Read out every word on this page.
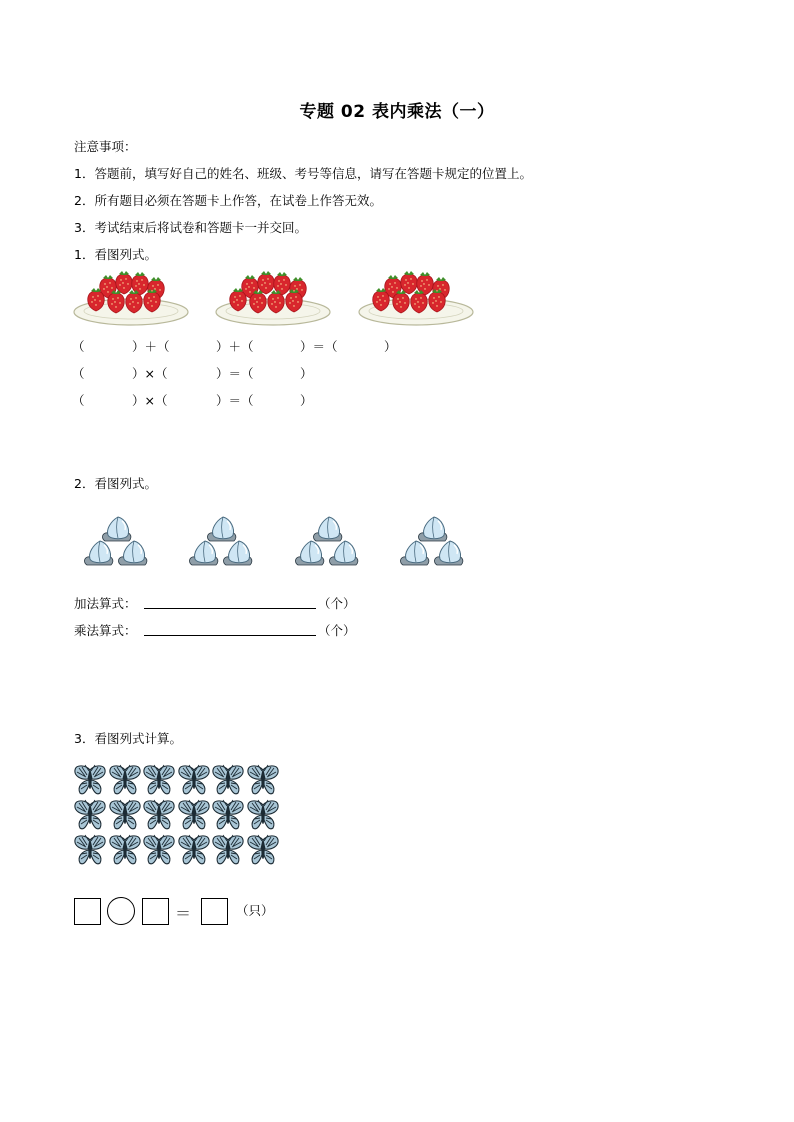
专题 02 表内乘法（一）
注意事项：
1．答题前，填写好自己的姓名、班级、考号等信息，请写在答题卡规定的位置上。
2．所有题目必须在答题卡上作答，在试卷上作答无效。
3．考试结束后将试卷和答题卡一并交回。
1．看图列式。
（	）＋（	）＋（	）＝（	）
（	）×（	）＝（	）
（	）×（	）＝（	）
2．看图列式。
加法算式：	（个）
乘法算式：	（个）
3．看图列式计算。
＝	（只）
